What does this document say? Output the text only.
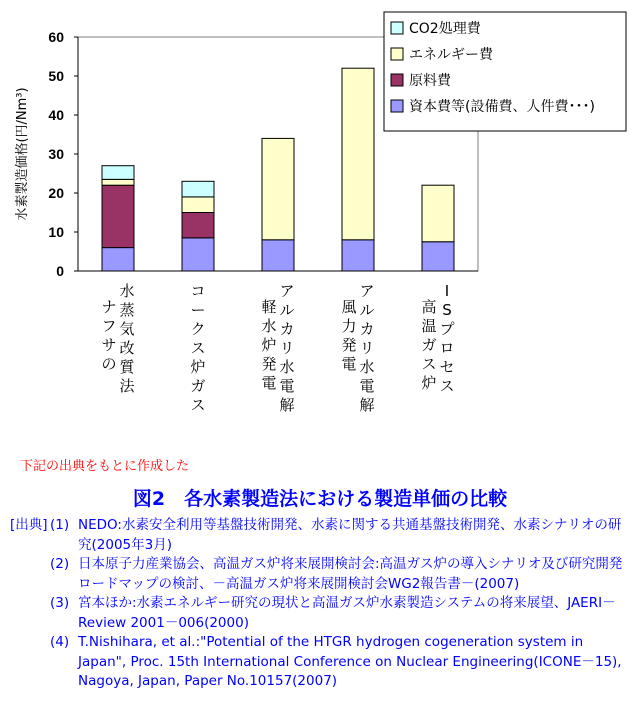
0
10
20
30
40
50
60
水素製造価格(円/Nm³)
水
蒸
気
改
質
法
ナ
フ
サ
の
コ
ー
ク
ス
炉
ガ
ス
ア
ル
カ
リ
水
電
解
軽
水
炉
発
電
ア
ル
カ
リ
水
電
解
風
力
発
電
I
S
プ
ロ
セ
ス
高
温
ガ
ス
炉
CO2処理費
エネルギー費
原料費
資本費等(設備費、人件費･･･)
下記の出典をもとに作成した
図2　各水素製造法における製造単価の比較
[出典] (1) NEDO:水素安全利用等基盤技術開発、水素に関する共通基盤技術開発、水素シナリオの研究(2005年3月)
(2) 日本原子力産業協会、高温ガス炉将来展開検討会:高温ガス炉の導入シナリオ及び研究開発ロードマップの検討、－高温ガス炉将来展開検討会WG2報告書－(2007)
(3) 宮本ほか:水素エネルギー研究の現状と高温ガス炉水素製造システムの将来展望、JAERI－Review 2001－006(2000)
(4) T.Nishihara, et al.:"Potential of the HTGR hydrogen cogeneration system in Japan", Proc. 15th International Conference on Nuclear Engineering(ICONE－15), Nagoya, Japan, Paper No.10157(2007)
